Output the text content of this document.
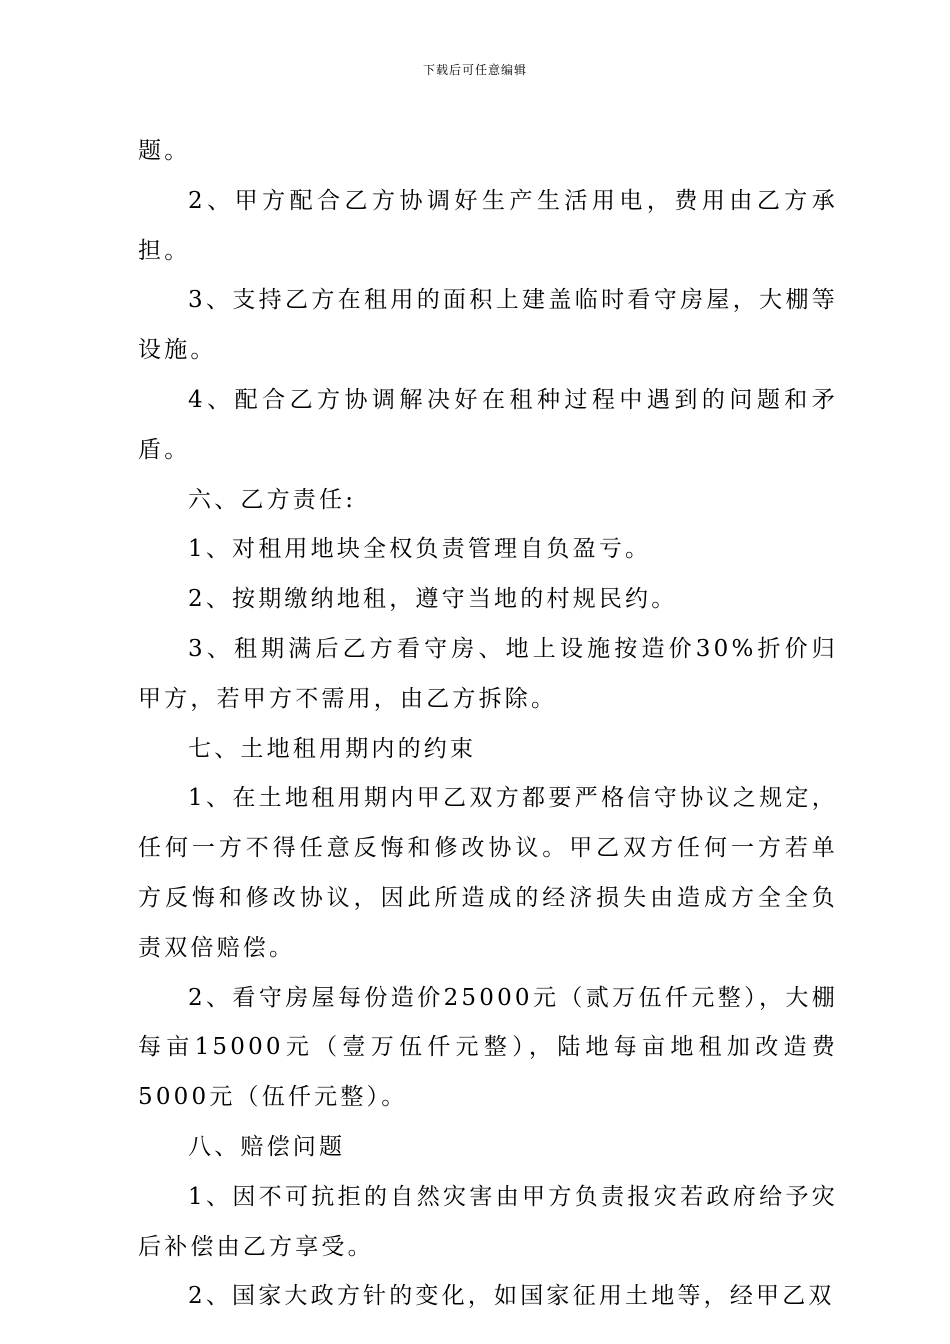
下载后可任意编辑

题。

2、甲方配合乙方协调好生产生活用电，费用由乙方承担。

3、支持乙方在租用的面积上建盖临时看守房屋，大棚等设施。

4、配合乙方协调解决好在租种过程中遇到的问题和矛盾。

六、乙方责任:

1、对租用地块全权负责管理自负盈亏。

2、按期缴纳地租，遵守当地的村规民约。

3、租期满后乙方看守房、地上设施按造价30%折价归甲方，若甲方不需用，由乙方拆除。

七、土地租用期内的约束

1、在土地租用期内甲乙双方都要严格信守协议之规定，任何一方不得任意反悔和修改协议。甲乙双方任何一方若单方反悔和修改协议，因此所造成的经济损失由造成方全全负责双倍赔偿。

2、看守房屋每份造价25000元（贰万伍仟元整），大棚每亩15000元（壹万伍仟元整），陆地每亩地租加改造费5000元（伍仟元整）。

八、赔偿问题

1、因不可抗拒的自然灾害由甲方负责报灾若政府给予灾后补偿由乙方享受。

2、国家大政方针的变化，如国家征用土地等，经甲乙双
